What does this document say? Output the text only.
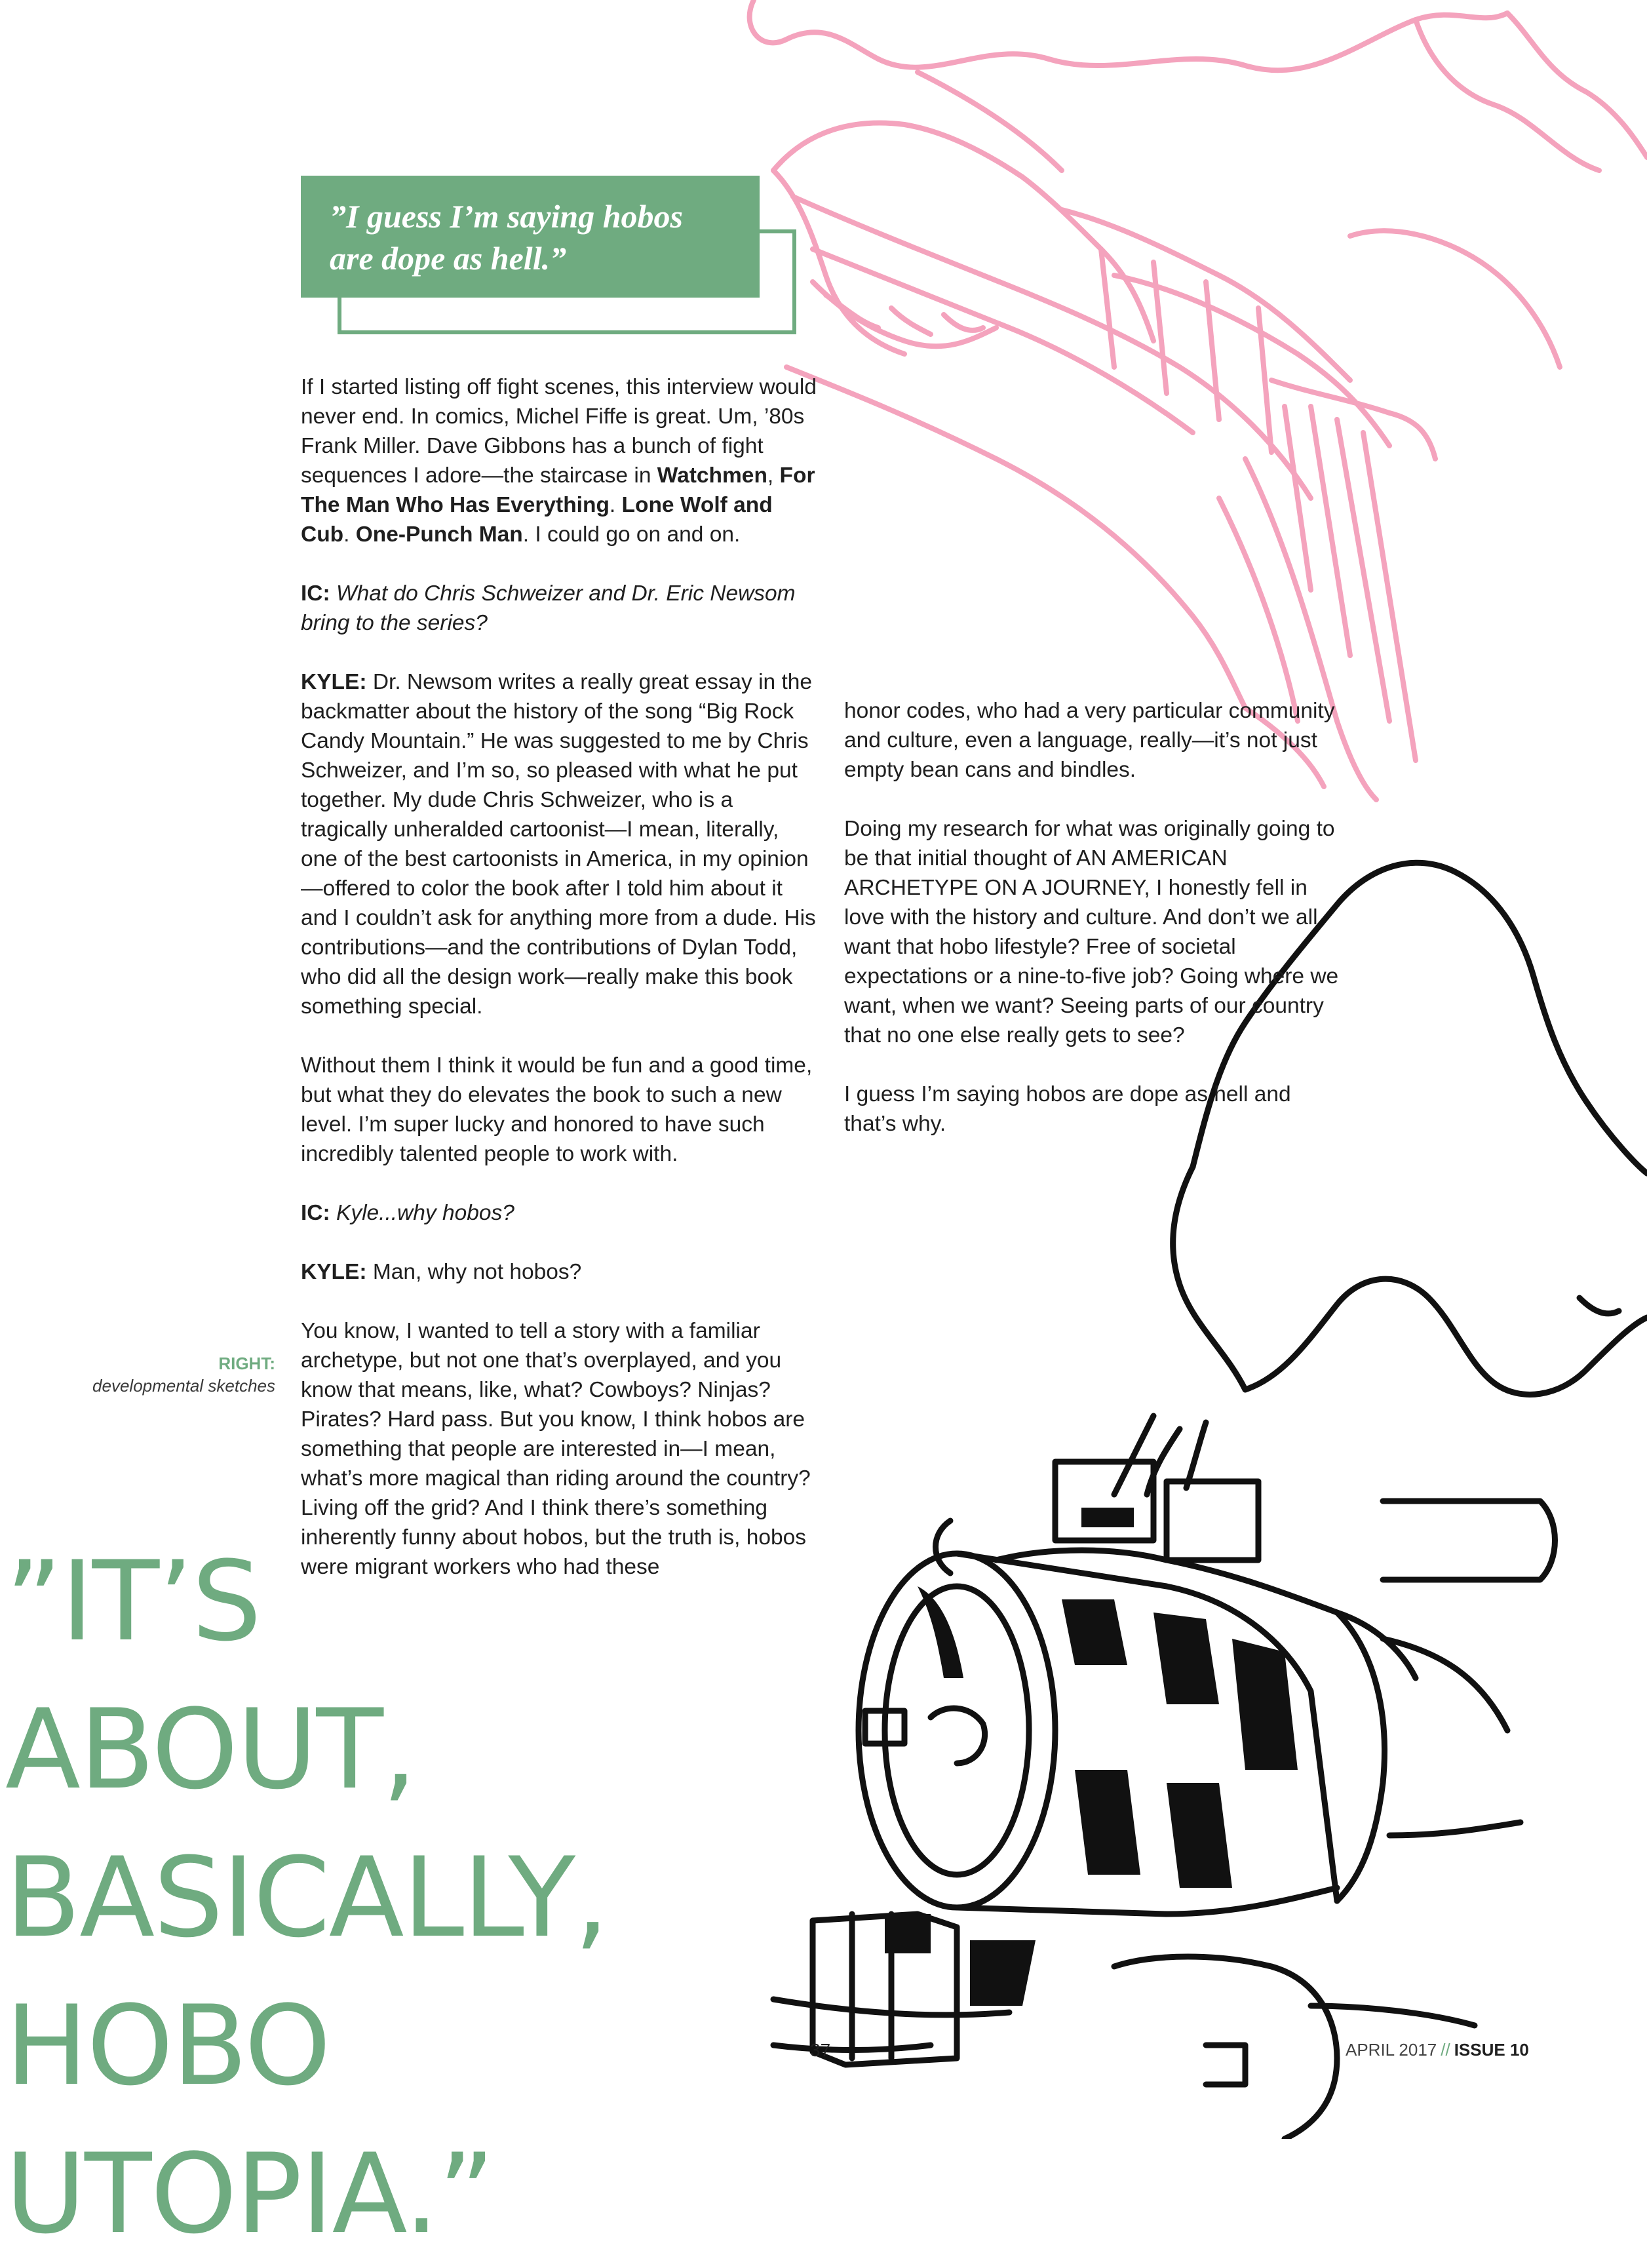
”I guess I’m saying hobos are dope as hell.”

If I started listing off fight scenes, this interview would never end. In comics, Michel Fiffe is great. Um, ’80s Frank Miller. Dave Gibbons has a bunch of fight sequences I adore—the staircase in Watchmen, For The Man Who Has Everything. Lone Wolf and Cub. One-Punch Man. I could go on and on.

IC: What do Chris Schweizer and Dr. Eric Newsom bring to the series?

KYLE: Dr. Newsom writes a really great essay in the backmatter about the history of the song “Big Rock Candy Mountain.” He was suggested to me by Chris Schweizer, and I’m so, so pleased with what he put together. My dude Chris Schweizer, who is a tragically unheralded cartoonist—I mean, literally, one of the best cartoonists in America, in my opinion—offered to color the book after I told him about it and I couldn’t ask for anything more from a dude. His contributions—and the contributions of Dylan Todd, who did all the design work—really make this book something special.

Without them I think it would be fun and a good time, but what they do elevates the book to such a new level. I’m super lucky and honored to have such incredibly talented people to work with.

IC: Kyle...why hobos?

KYLE: Man, why not hobos?

You know, I wanted to tell a story with a familiar archetype, but not one that’s overplayed, and you know that means, like, what? Cowboys? Ninjas? Pirates? Hard pass. But you know, I think hobos are something that people are interested in—I mean, what’s more magical than riding around the country? Living off the grid? And I think there’s something inherently funny about hobos, but the truth is, hobos were migrant workers who had these

honor codes, who had a very particular community and culture, even a language, really—it’s not just empty bean cans and bindles.

Doing my research for what was originally going to be that initial thought of AN AMERICAN ARCHETYPE ON A JOURNEY, I honestly fell in love with the history and culture. And don’t we all want that hobo lifestyle? Free of societal expectations or a nine-to-five job? Going where we want, when we want? Seeing parts of our country that no one else really gets to see?

I guess I’m saying hobos are dope as hell and that’s why.

RIGHT:
developmental sketches
”IT’S
ABOUT,
BASICALLY,
HOBO
UTOPIA.”
37	APRIL 2017 // ISSUE 10
